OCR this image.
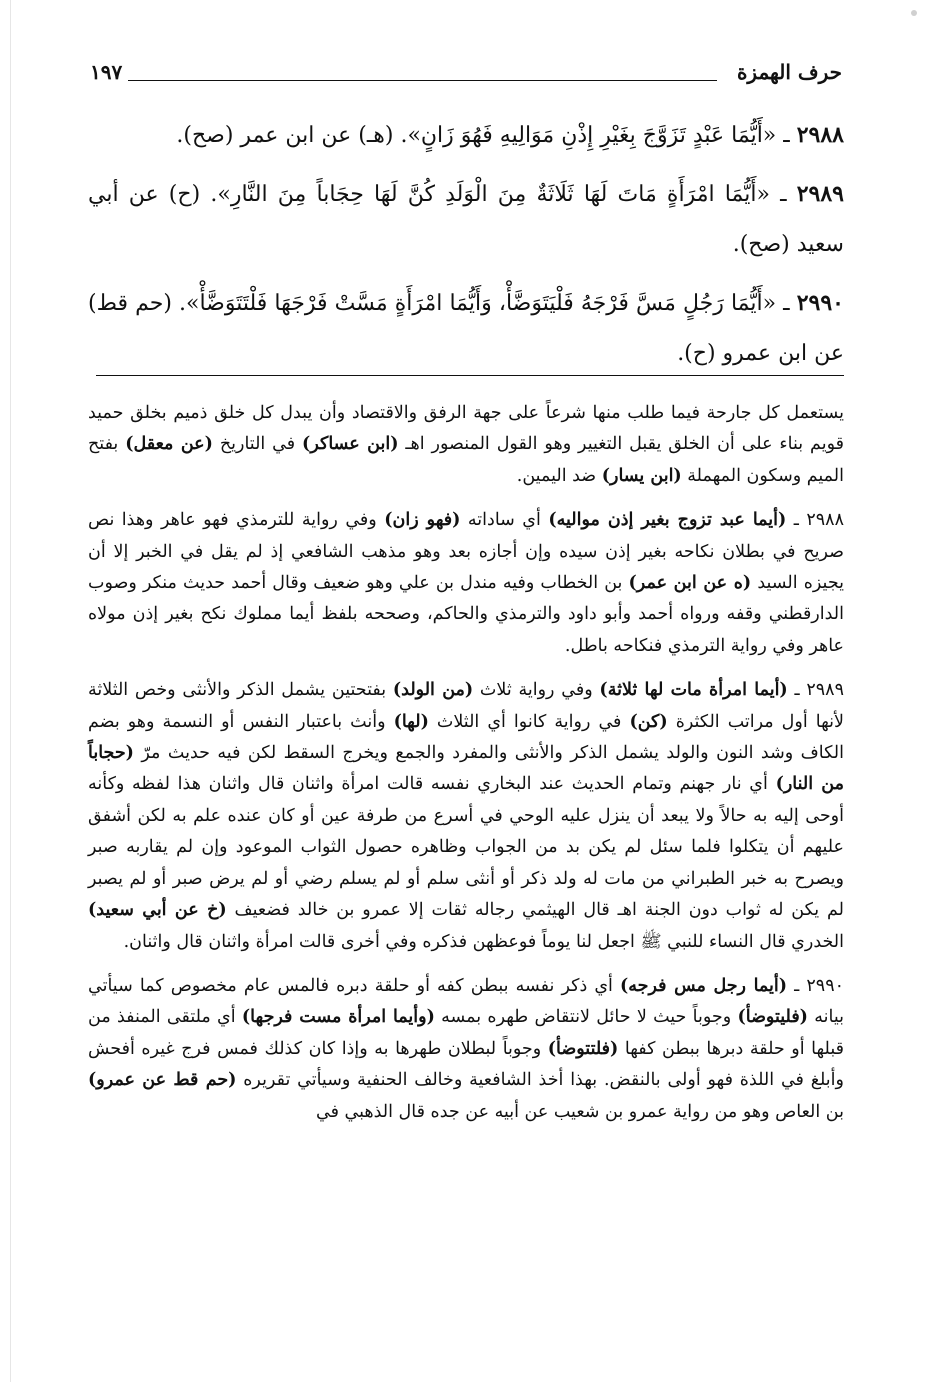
حرف الهمزة
١٩٧

٢٩٨٨ ـ «أَيُّمَا عَبْدٍ تَزَوَّجَ بِغَيْرِ إِذْنِ مَوَالِيهِ فَهُوَ زَانٍ». (هـ) عن ابن عمر (صح).

٢٩٨٩ ـ «أَيُّمَا امْرَأَةٍ مَاتَ لَهَا ثَلَاثَةٌ مِنَ الْوَلَدِ كُنَّ لَهَا حِجَاباً مِنَ النَّارِ». (ح) عن أبي سعيد (صح).

٢٩٩٠ ـ «أَيُّمَا رَجُلٍ مَسَّ فَرْجَهُ فَلْيَتَوَضَّأْ، وَأَيُّمَا امْرَأَةٍ مَسَّتْ فَرْجَهَا فَلْتَتَوَضَّأْ». (حم قط) عن ابن عمرو (ح).

يستعمل كل جارحة فيما طلب منها شرعاً على جهة الرفق والاقتصاد وأن يبدل كل خلق ذميم بخلق حميد قويم بناء على أن الخلق يقبل التغيير وهو القول المنصور اهـ (ابن عساكر) في التاريخ (عن معقل) بفتح الميم وسكون المهملة (ابن يسار) ضد اليمين.

٢٩٨٨ ـ (أيما عبد تزوج بغير إذن مواليه) أي ساداته (فهو زان) وفي رواية للترمذي فهو عاهر وهذا نص صريح في بطلان نكاحه بغير إذن سيده وإن أجازه بعد وهو مذهب الشافعي إذ لم يقل في الخبر إلا أن يجيزه السيد (ه عن ابن عمر) بن الخطاب وفيه مندل بن علي وهو ضعيف وقال أحمد حديث منكر وصوب الدارقطني وقفه ورواه أحمد وأبو داود والترمذي والحاكم، وصححه بلفظ أيما مملوك نكح بغير إذن مولاه عاهر وفي رواية الترمذي فنكاحه باطل.

٢٩٨٩ ـ (أيما امرأة مات لها ثلاثة) وفي رواية ثلاث (من الولد) بفتحتين يشمل الذكر والأنثى وخص الثلاثة لأنها أول مراتب الكثرة (كن) في رواية كانوا أي الثلاث (لها) وأنث باعتبار النفس أو النسمة وهو بضم الكاف وشد النون والولد يشمل الذكر والأنثى والمفرد والجمع ويخرج السقط لكن فيه حديث مرّ (حجاباً من النار) أي نار جهنم وتمام الحديث عند البخاري نفسه قالت امرأة واثنان قال واثنان هذا لفظه وكأنه أوحى إليه به حالاً ولا يبعد أن ينزل عليه الوحي في أسرع من طرفة عين أو كان عنده علم به لكن أشفق عليهم أن يتكلوا فلما سئل لم يكن بد من الجواب وظاهره حصول الثواب الموعود وإن لم يقاربه صبر ويصرح به خبر الطبراني من مات له ولد ذكر أو أنثى سلم أو لم يسلم رضي أو لم يرض صبر أو لم يصبر لم يكن له ثواب دون الجنة اهـ قال الهيثمي رجاله ثقات إلا عمرو بن خالد فضعيف (خ عن أبي سعيد) الخدري قال النساء للنبي ﷺ اجعل لنا يوماً فوعظهن فذكره وفي أخرى قالت امرأة واثنان قال واثنان.

٢٩٩٠ ـ (أيما رجل مس فرجه) أي ذكر نفسه ببطن كفه أو حلقة دبره فالمس عام مخصوص كما سيأتي بيانه (فليتوضأ) وجوباً حيث لا حائل لانتقاض طهره بمسه (وأيما امرأة مست فرجها) أي ملتقى المنفذ من قبلها أو حلقة دبرها ببطن كفها (فلتتوضأ) وجوباً لبطلان طهرها به وإذا كان كذلك فمس فرج غيره أفحش وأبلغ في اللذة فهو أولى بالنقض. بهذا أخذ الشافعية وخالف الحنفية وسيأتي تقريره (حم قط عن عمرو) بن العاص وهو من رواية عمرو بن شعيب عن أبيه عن جده قال الذهبي في
